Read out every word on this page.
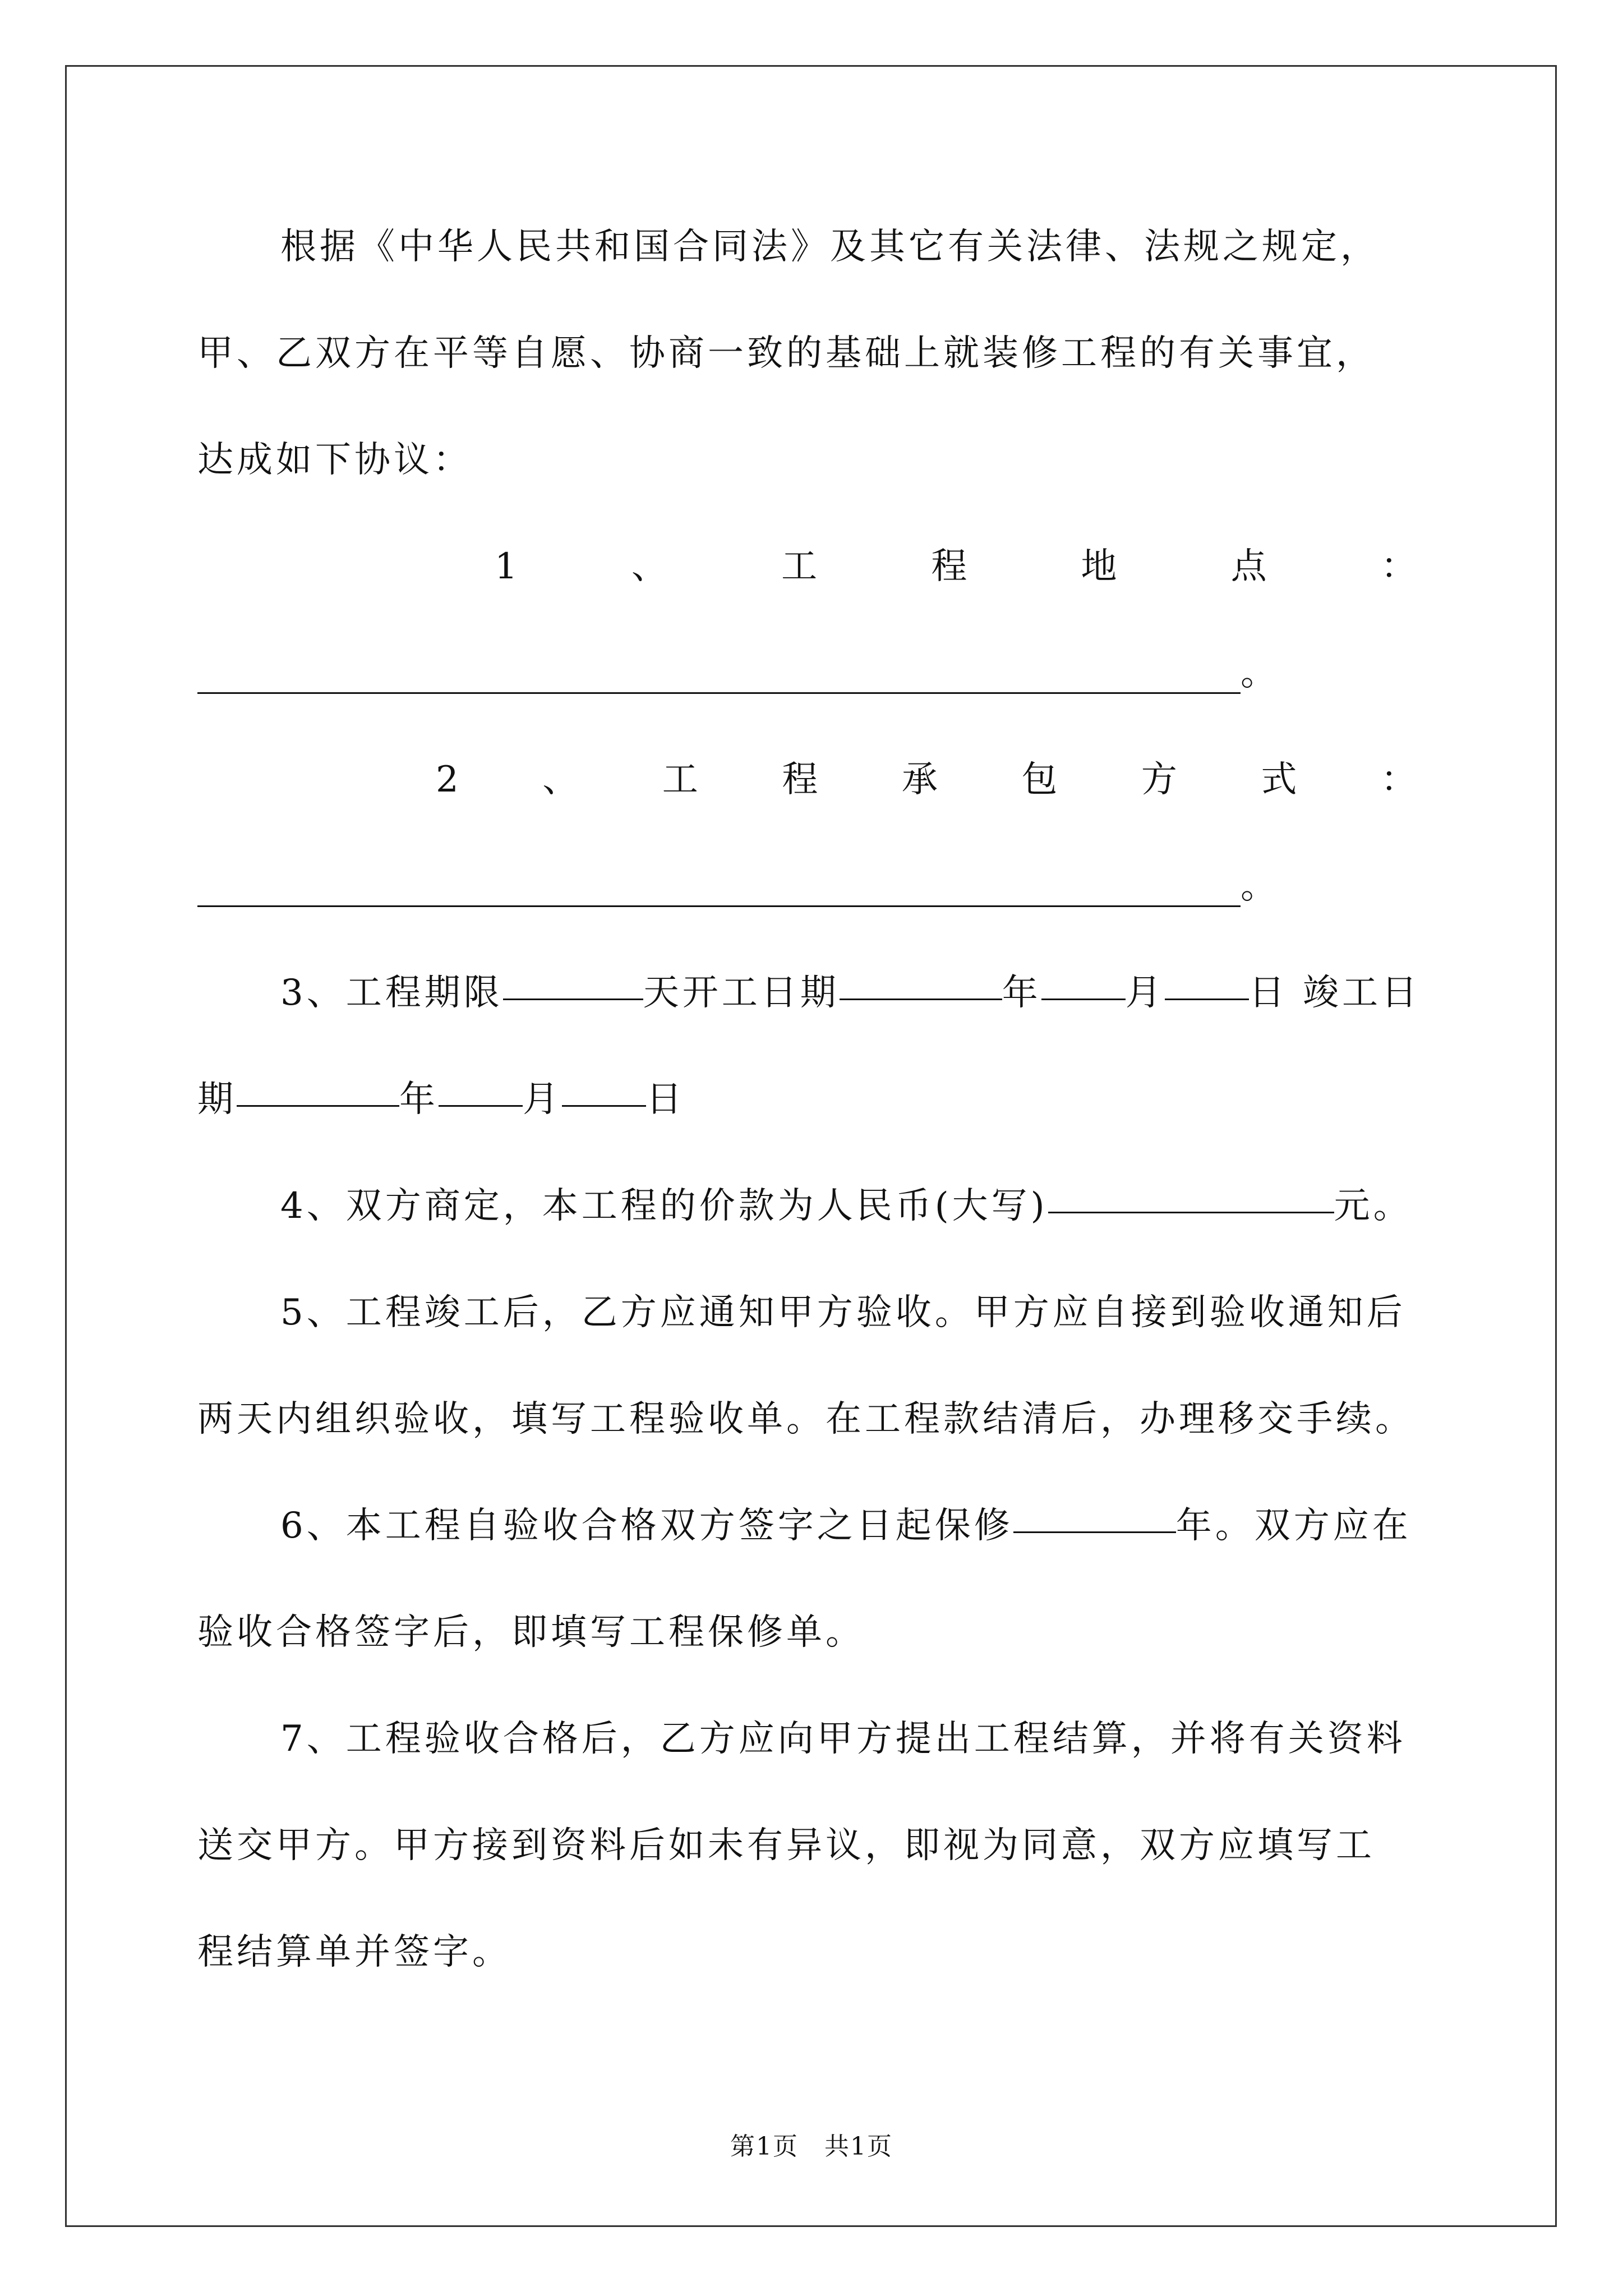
根据《中华人民共和国合同法》及其它有关法律、法规之规定，
甲、乙双方在平等自愿、协商一致的基础上就装修工程的有关事宜，
达成如下协议：
1	、	工	程	地	点	：
。
2 、 工 程 承 包 方 式 ：
。
3、工程期限	天开工日期	年 月 日 竣工日
期	年 月 日
4、双方商定，本工程的价款为人民币(大写)	元。
5、工程竣工后，乙方应通知甲方验收。甲方应自接到验收通知后
两天内组织验收，填写工程验收单。在工程款结清后，办理移交手续。
6、本工程自验收合格双方签字之日起保修	年。双方应在
验收合格签字后，即填写工程保修单。
7、工程验收合格后，乙方应向甲方提出工程结算，并将有关资料
送交甲方。甲方接到资料后如未有异议，即视为同意，双方应填写工
程结算单并签字。
第1页　共1页
